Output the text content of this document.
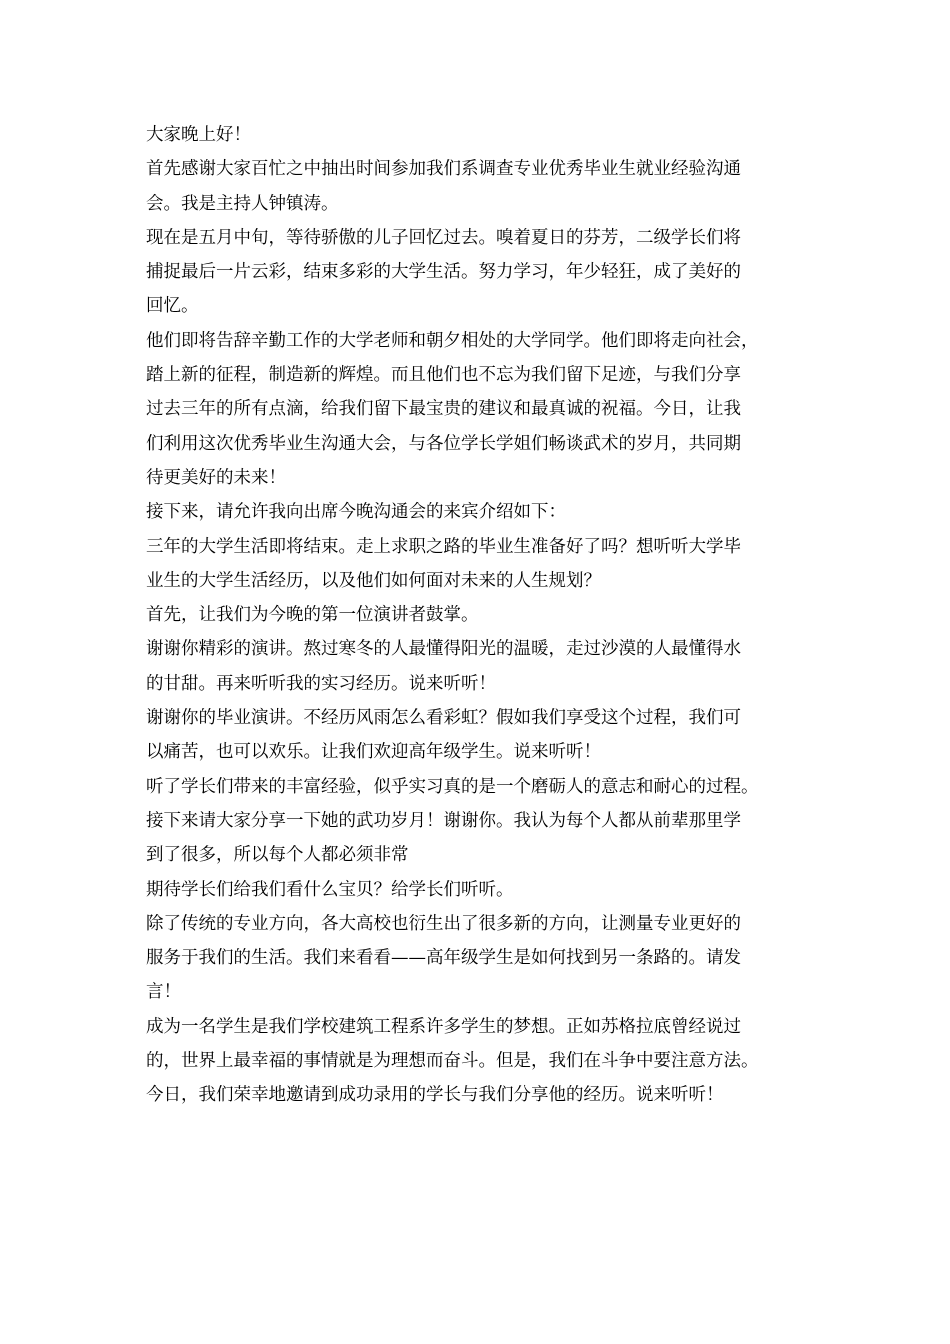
大家晚上好！
首先感谢大家百忙之中抽出时间参加我们系调查专业优秀毕业生就业经验沟通
会。我是主持人钟镇涛。
现在是五月中旬，等待骄傲的儿子回忆过去。嗅着夏日的芬芳，二级学长们将
捕捉最后一片云彩，结束多彩的大学生活。努力学习，年少轻狂，成了美好的
回忆。
他们即将告辞辛勤工作的大学老师和朝夕相处的大学同学。他们即将走向社会，
踏上新的征程，制造新的辉煌。而且他们也不忘为我们留下足迹，与我们分享
过去三年的所有点滴，给我们留下最宝贵的建议和最真诚的祝福。今日，让我
们利用这次优秀毕业生沟通大会，与各位学长学姐们畅谈武术的岁月，共同期
待更美好的未来！
接下来，请允许我向出席今晚沟通会的来宾介绍如下：
三年的大学生活即将结束。走上求职之路的毕业生准备好了吗？想听听大学毕
业生的大学生活经历，以及他们如何面对未来的人生规划？
首先，让我们为今晚的第一位演讲者鼓掌。
谢谢你精彩的演讲。熬过寒冬的人最懂得阳光的温暖，走过沙漠的人最懂得水
的甘甜。再来听听我的实习经历。说来听听！
谢谢你的毕业演讲。不经历风雨怎么看彩虹？假如我们享受这个过程，我们可
以痛苦，也可以欢乐。让我们欢迎高年级学生。说来听听！
听了学长们带来的丰富经验，似乎实习真的是一个磨砺人的意志和耐心的过程。
接下来请大家分享一下她的武功岁月！谢谢你。我认为每个人都从前辈那里学
到了很多，所以每个人都必须非常
期待学长们给我们看什么宝贝？给学长们听听。
除了传统的专业方向，各大高校也衍生出了很多新的方向，让测量专业更好的
服务于我们的生活。我们来看看——高年级学生是如何找到另一条路的。请发
言！
成为一名学生是我们学校建筑工程系许多学生的梦想。正如苏格拉底曾经说过
的，世界上最幸福的事情就是为理想而奋斗。但是，我们在斗争中要注意方法。
今日，我们荣幸地邀请到成功录用的学长与我们分享他的经历。说来听听！
